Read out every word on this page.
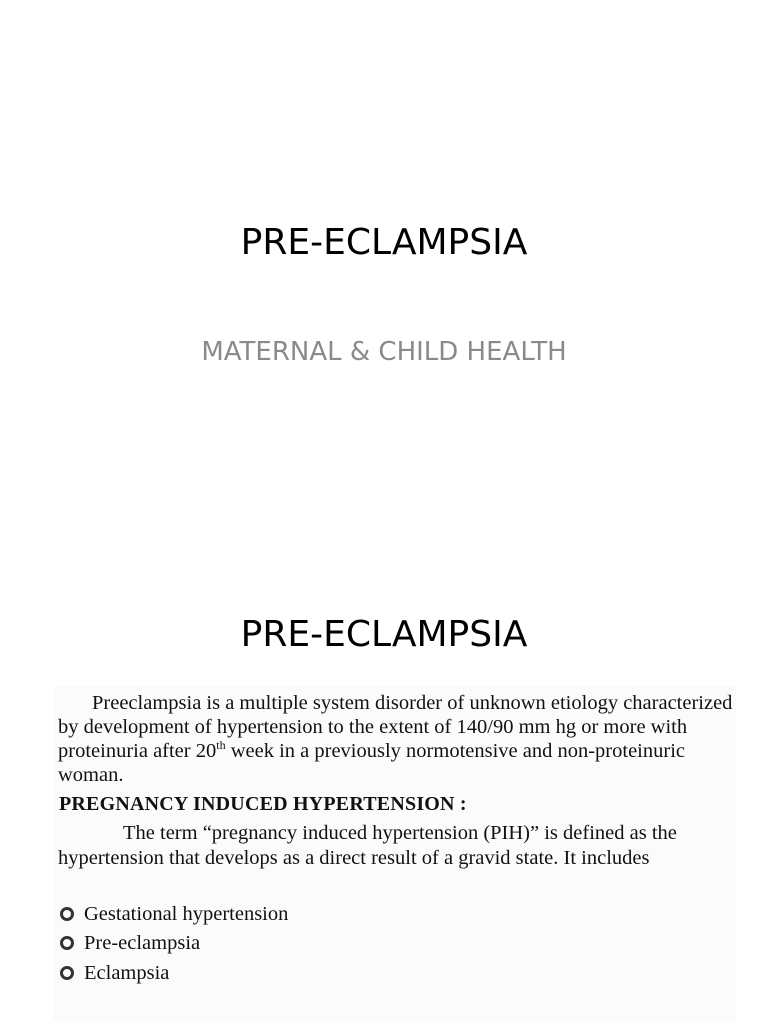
PRE-ECLAMPSIA
MATERNAL & CHILD HEALTH
PRE-ECLAMPSIA

Preeclampsia is a multiple system disorder of unknown etiology characterized by development of hypertension to the extent of 140/90 mm hg or more with proteinuria after 20th week in a previously normotensive and non-proteinuric woman.

PREGNANCY INDUCED HYPERTENSION :

The term “pregnancy induced hypertension (PIH)” is defined as the hypertension that develops as a direct result of a gravid state. It includes

Gestational hypertension
Pre-eclampsia
Eclampsia
